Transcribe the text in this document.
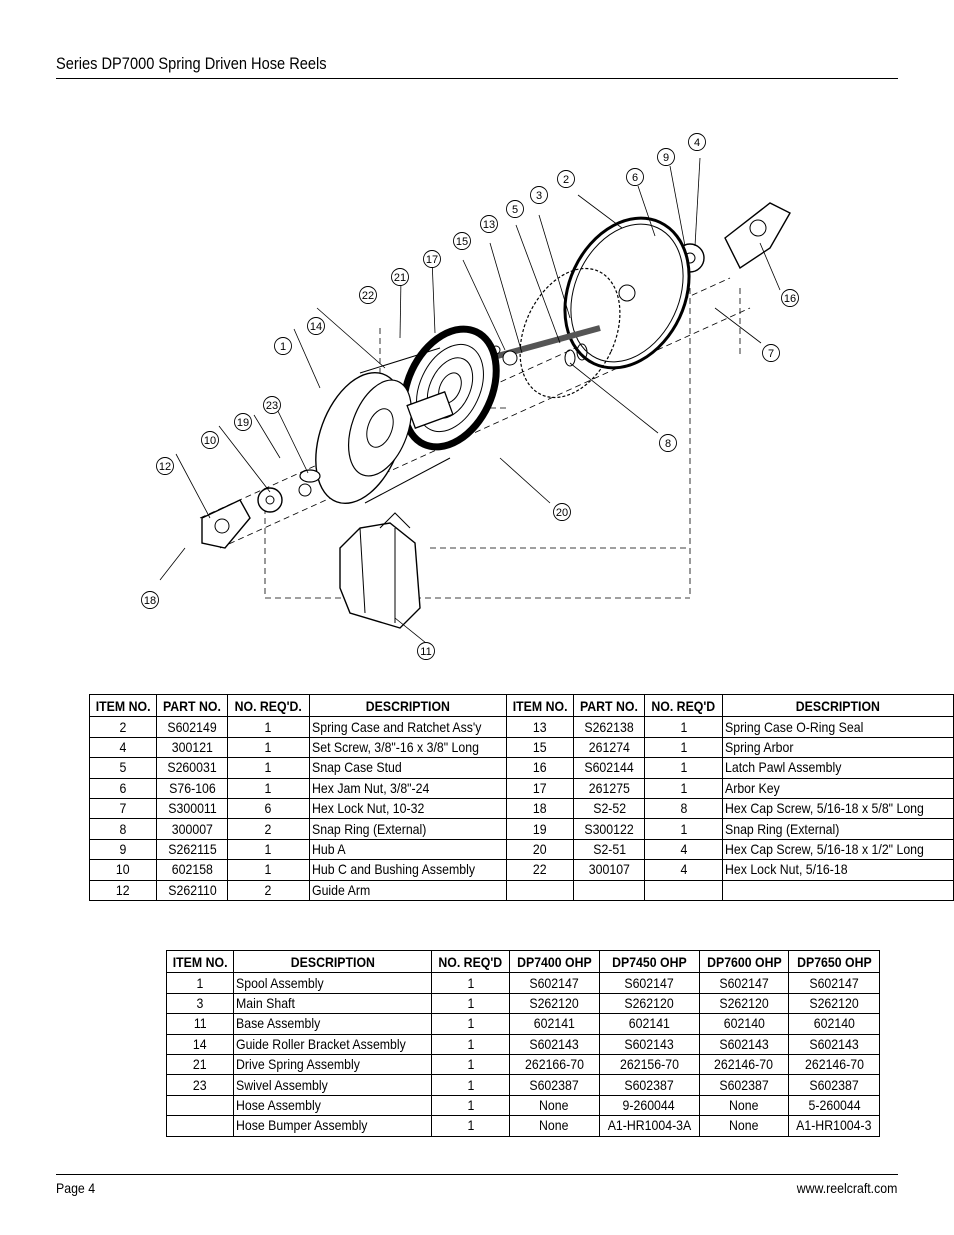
Series DP7000 Spring Driven Hose Reels
4
9
6
2
3
5
13
15
17
21
22
14
1
23
19
10
12
18
16
7
8
20
11
ITEM NO.	PART NO.	NO. REQ'D.	DESCRIPTION	ITEM NO.	PART NO.	NO. REQ'D	DESCRIPTION
2	S602149	1	Spring Case and Ratchet Ass'y	13	S262138	1	Spring Case O-Ring Seal
4	300121	1	Set Screw, 3/8"-16 x 3/8" Long	15	261274	1	Spring Arbor
5	S260031	1	Snap Case Stud	16	S602144	1	Latch Pawl Assembly
6	S76-106	1	Hex Jam Nut, 3/8"-24	17	261275	1	Arbor Key
7	S300011	6	Hex Lock Nut, 10-32	18	S2-52	8	Hex Cap Screw, 5/16-18 x 5/8" Long
8	300007	2	Snap Ring (External)	19	S300122	1	Snap Ring (External)
9	S262115	1	Hub A	20	S2-51	4	Hex Cap Screw, 5/16-18 x 1/2" Long
10	602158	1	Hub C and Bushing Assembly	22	300107	4	Hex Lock Nut, 5/16-18
12	S262110	2	Guide Arm				
ITEM NO.	DESCRIPTION	NO. REQ'D	DP7400 OHP	DP7450 OHP	DP7600 OHP	DP7650 OHP
1	Spool Assembly	1	S602147	S602147	S602147	S602147
3	Main Shaft	1	S262120	S262120	S262120	S262120
11	Base Assembly	1	602141	602141	602140	602140
14	Guide Roller Bracket Assembly	1	S602143	S602143	S602143	S602143
21	Drive Spring Assembly	1	262166-70	262156-70	262146-70	262146-70
23	Swivel Assembly	1	S602387	S602387	S602387	S602387
	Hose Assembly	1	None	9-260044	None	5-260044
	Hose Bumper Assembly	1	None	A1-HR1004-3A	None	A1-HR1004-3
Page 4	www.reelcraft.com
